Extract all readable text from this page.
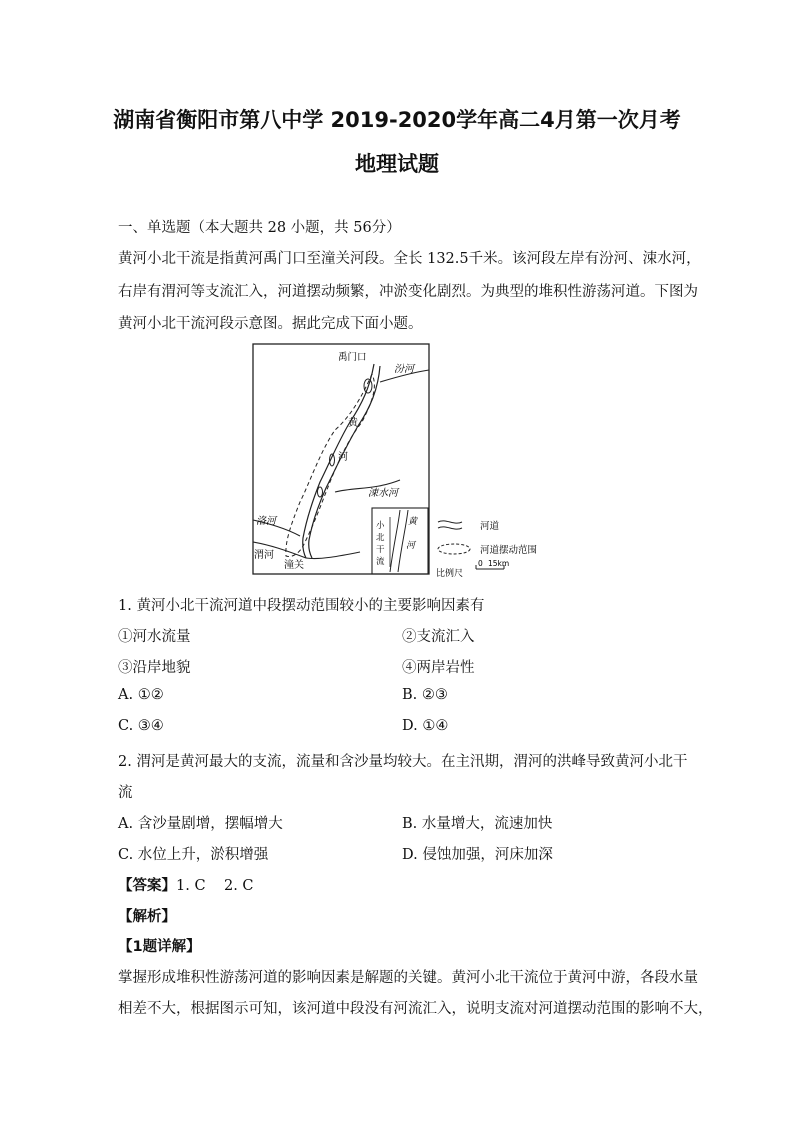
湖南省衡阳市第八中学 2019-2020学年高二4月第一次月考
地理试题
一、单选题（本大题共 28 小题，共 56分）
黄河小北干流是指黄河禹门口至潼关河段。全长 132.5千米。该河段左岸有汾河、涑水河，
右岸有渭河等支流汇入，河道摆动频繁，冲淤变化剧烈。为典型的堆积性游荡河道。下图为
黄河小北干流河段示意图。据此完成下面小题。
禹门口
汾河
黄
河
涑水河
洛河
渭河
潼关
小
北
干
流
黄
河
河道
河道摆动范围
比例尺
0 15km
1. 黄河小北干流河道中段摆动范围较小的主要影响因素有
①河水流量	②支流汇入
③沿岸地貌	④两岸岩性
A. ①②	B. ②③
C. ③④	D. ①④
2. 渭河是黄河最大的支流，流量和含沙量均较大。在主汛期，渭河的洪峰导致黄河小北干
流
A. 含沙量剧增，摆幅增大	B. 水量增大，流速加快
C. 水位上升，淤积增强	D. 侵蚀加强，河床加深
【答案】1. C    2. C
【解析】
【1题详解】
掌握形成堆积性游荡河道的影响因素是解题的关键。黄河小北干流位于黄河中游，各段水量
相差不大，根据图示可知，该河道中段没有河流汇入，说明支流对河道摆动范围的影响不大，
